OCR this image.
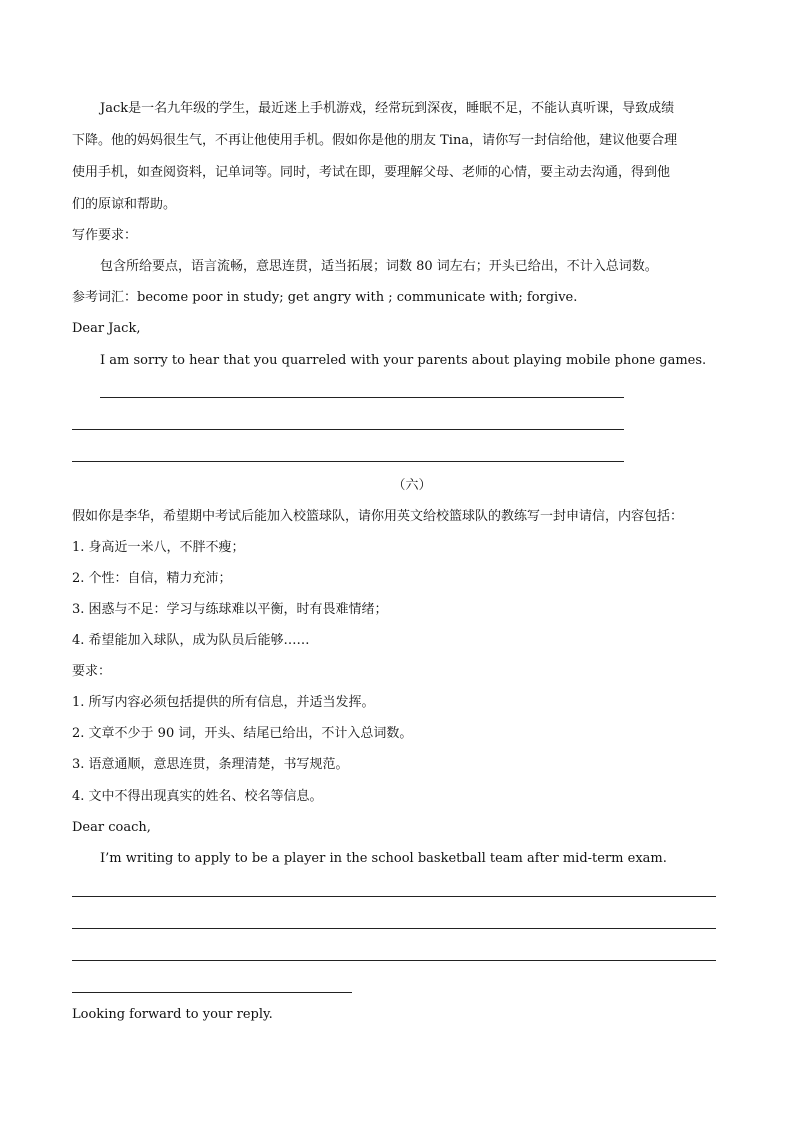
Jack是一名九年级的学生，最近迷上手机游戏，经常玩到深夜，睡眠不足，不能认真听课，导致成绩
下降。他的妈妈很生气，不再让他使用手机。假如你是他的朋友 Tina，请你写一封信给他，建议他要合理
使用手机，如查阅资料，记单词等。同时，考试在即，要理解父母、老师的心情，要主动去沟通，得到他
们的原谅和帮助。
写作要求：
包含所给要点，语言流畅，意思连贯，适当拓展；词数 80 词左右；开头已给出，不计入总词数。
参考词汇：become poor in study; get angry with ; communicate with; forgive.
Dear Jack,
I am sorry to hear that you quarreled with your parents about playing mobile phone games.
（六）
假如你是李华，希望期中考试后能加入校篮球队，请你用英文给校篮球队的教练写一封申请信，内容包括：
1. 身高近一米八，不胖不瘦；
2. 个性：自信，精力充沛；
3. 困惑与不足：学习与练球难以平衡，时有畏难情绪；
4. 希望能加入球队，成为队员后能够……
要求：
1. 所写内容必须包括提供的所有信息，并适当发挥。
2. 文章不少于 90 词，开头、结尾已给出，不计入总词数。
3. 语意通顺，意思连贯，条理清楚，书写规范。
4. 文中不得出现真实的姓名、校名等信息。
Dear coach,
I’m writing to apply to be a player in the school basketball team after mid-term exam.
Looking forward to your reply.
